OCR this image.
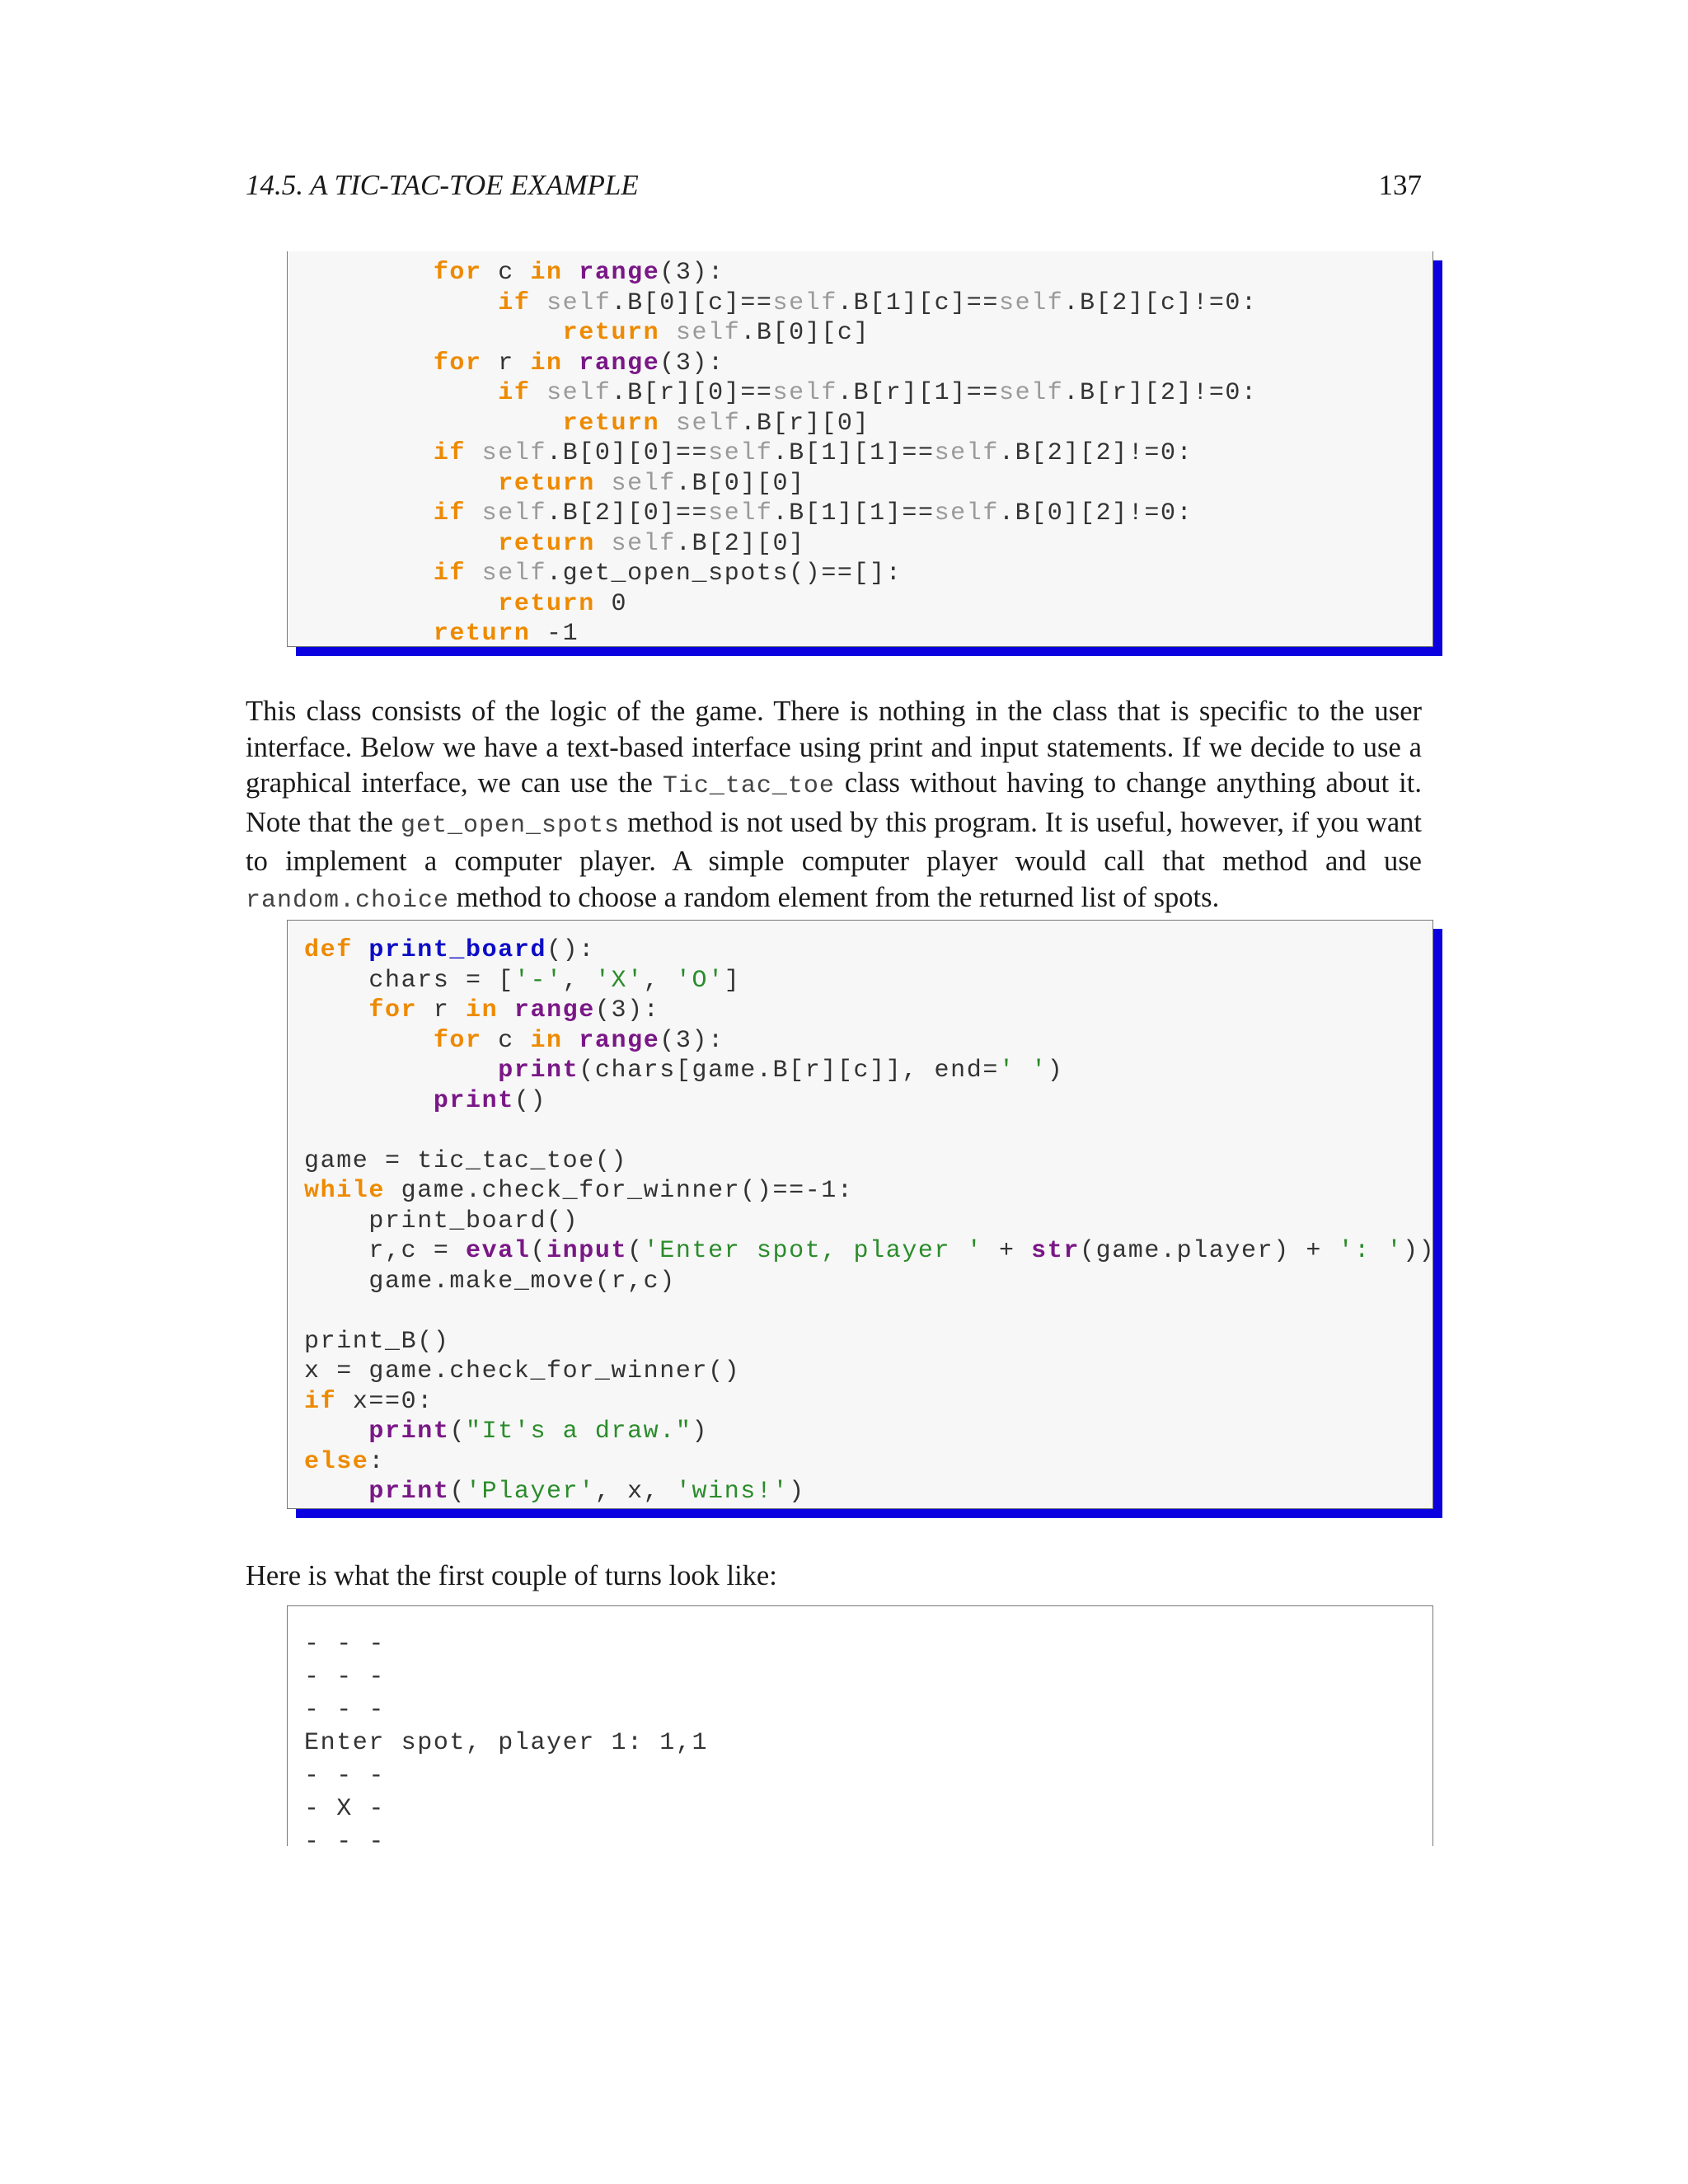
14.5. A TIC-TAC-TOE EXAMPLE	137
for c in range(3):
if self.B[0][c]==self.B[1][c]==self.B[2][c]!=0:
return self.B[0][c]
for r in range(3):
if self.B[r][0]==self.B[r][1]==self.B[r][2]!=0:
return self.B[r][0]
if self.B[0][0]==self.B[1][1]==self.B[2][2]!=0:
return self.B[0][0]
if self.B[2][0]==self.B[1][1]==self.B[0][2]!=0:
return self.B[2][0]
if self.get_open_spots()==[]:
return 0
return -1

This class consists of the logic of the game. There is nothing in the class that is specific to the user interface. Below we have a text-based interface using print and input statements. If we decide to use a graphical interface, we can use the Tic_tac_toe class without having to change anything about it. Note that the get_open_spots method is not used by this program. It is useful, however, if you want to implement a computer player. A simple computer player would call that method and use random.choice method to choose a random element from the returned list of spots.

def print_board():
chars = ['-', 'X', 'O']
for r in range(3):
for c in range(3):
print(chars[game.B[r][c]], end=' ')
print()

game = tic_tac_toe()
while game.check_for_winner()==-1:
print_board()
r,c = eval(input('Enter spot, player ' + str(game.player) + ': '))
game.make_move(r,c)

print_B()
x = game.check_for_winner()
if x==0:
print("It's a draw.")
else:
print('Player', x, 'wins!')

Here is what the first couple of turns look like:

- - -
- - -
- - -
Enter spot, player 1: 1,1
- - -
- X -
- - -
